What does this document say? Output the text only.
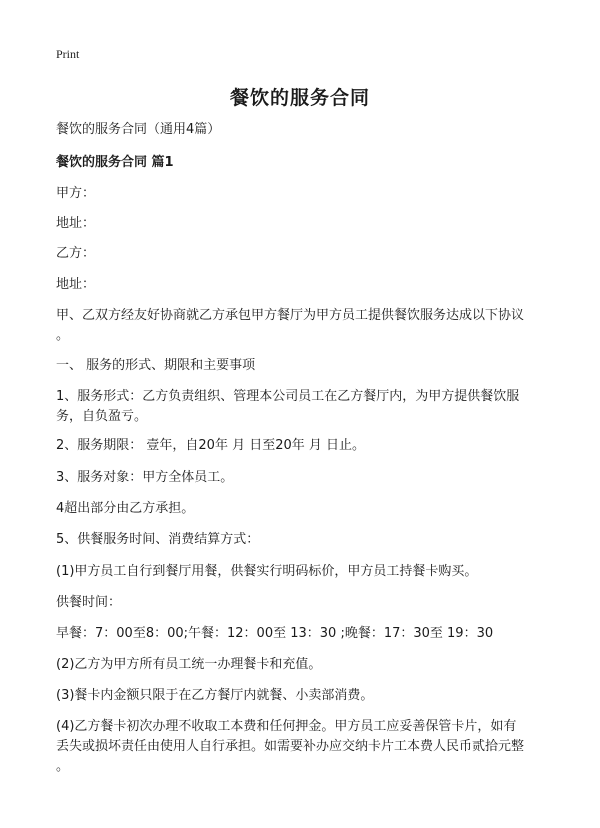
Print
餐饮的服务合同
餐饮的服务合同（通用4篇）
餐饮的服务合同 篇1
甲方：
地址：
乙方：
地址：
甲、乙双方经友好协商就乙方承包甲方餐厅为甲方员工提供餐饮服务达成以下协议
。
一、 服务的形式、期限和主要事项
1、服务形式：乙方负责组织、管理本公司员工在乙方餐厅内，为甲方提供餐饮服
务，自负盈亏。
2、服务期限： 壹年，自20年 月 日至20年 月 日止。
3、服务对象：甲方全体员工。
4超出部分由乙方承担。
5、供餐服务时间、消费结算方式：
(1)甲方员工自行到餐厅用餐，供餐实行明码标价，甲方员工持餐卡购买。
供餐时间：
早餐：7：00至8：00;午餐：12：00至 13：30 ;晚餐：17：30至 19：30
(2)乙方为甲方所有员工统一办理餐卡和充值。
(3)餐卡内金额只限于在乙方餐厅内就餐、小卖部消费。
(4)乙方餐卡初次办理不收取工本费和任何押金。甲方员工应妥善保管卡片，如有
丢失或损坏责任由使用人自行承担。如需要补办应交纳卡片工本费人民币贰拾元整
。
